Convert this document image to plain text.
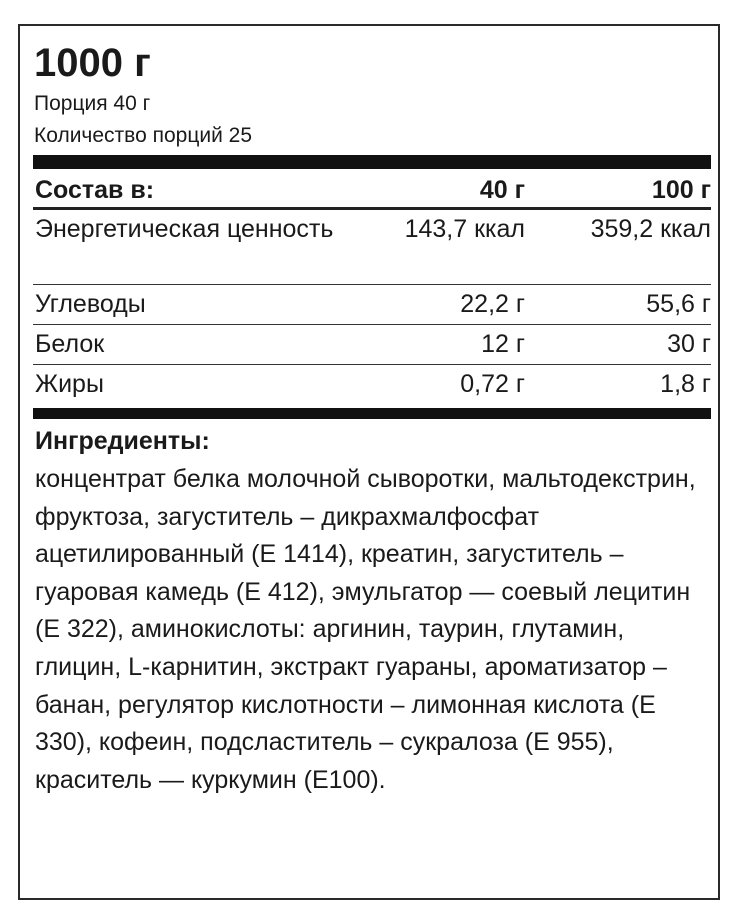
1000 г
Порция 40 г
Количество порций 25
Состав в:	40 г	100 г
Энергетическая ценность	143,7 ккал	359,2 ккал
Углеводы	22,2 г	55,6 г
Белок	12 г	30 г
Жиры	0,72 г	1,8 г
Ингредиенты:
концентрат белка молочной сыворотки, мальтодекстрин, фруктоза, загуститель – дикрахмалфосфат ацетилированный (Е 1414), креатин, загуститель – гуаровая камедь (Е 412), эмульгатор — соевый лецитин (Е 322), аминокислоты: аргинин, таурин, глутамин, глицин, L-карнитин, экстракт гуараны, ароматизатор – банан, регулятор кислотности – лимонная кислота (Е 330), кофеин, подсластитель – сукралоза (Е 955), краситель — куркумин (Е100).
